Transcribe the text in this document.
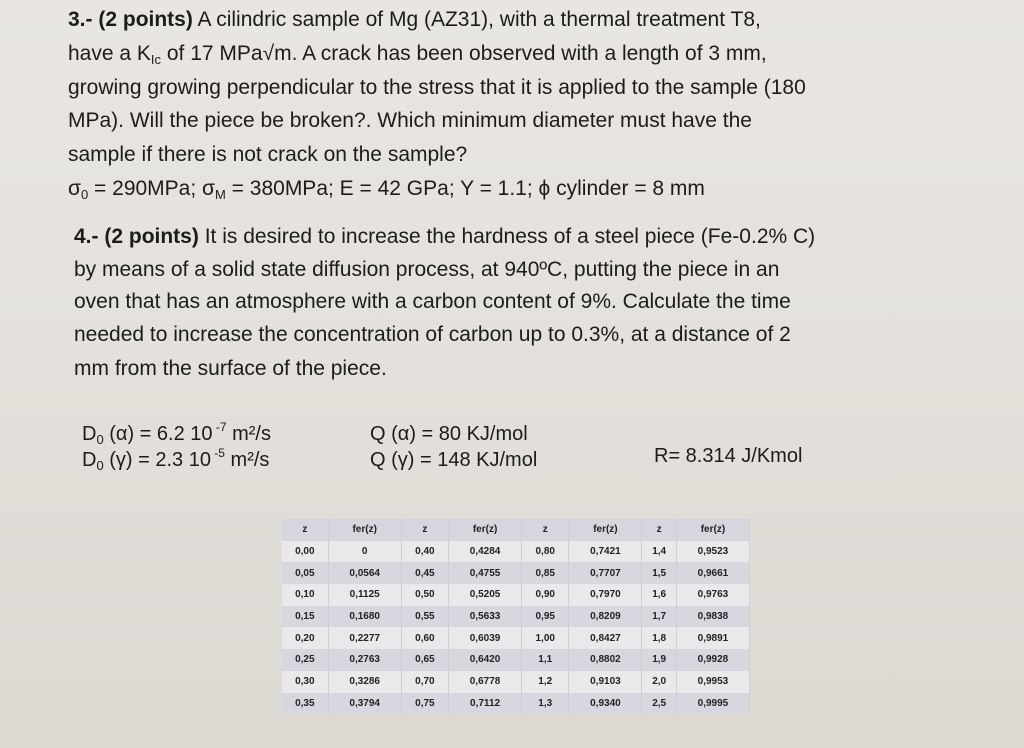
3.- (2 points) A cilindric sample of Mg (AZ31), with a thermal treatment T8,
have a KIc of 17 MPa√m. A crack has been observed with a length of 3 mm,
growing growing perpendicular to the stress that it is applied to the sample (180
MPa). Will the piece be broken?. Which minimum diameter must have the
sample if there is not crack on the sample?
σ0 = 290MPa; σM = 380MPa; E = 42 GPa; Y = 1.1; ϕ cylinder = 8 mm
4.- (2 points) It is desired to increase the hardness of a steel piece (Fe-0.2% C)
by means of a solid state diffusion process, at 940ºC, putting the piece in an
oven that has an atmosphere with a carbon content of 9%. Calculate the time
needed to increase the concentration of carbon up to 0.3%, at a distance of 2
mm from the surface of the piece.
$D_0$ (α) = 6.2 10 $^{-7}$ m²/s
$D_0$ (γ) = 2.3 10 $^{-5}$ m²/s
Q (α) = 80 KJ/mol
Q (γ) = 148 KJ/mol	R= 8.314 J/Kmol
z	fer(z)	z	fer(z)	z	fer(z)	z	fer(z)
0,00	0	0,40	0,4284	0,80	0,7421	1,4	0,9523
0,05	0,0564	0,45	0,4755	0,85	0,7707	1,5	0,9661
0,10	0,1125	0,50	0,5205	0,90	0,7970	1,6	0,9763
0,15	0,1680	0,55	0,5633	0,95	0,8209	1,7	0,9838
0,20	0,2277	0,60	0,6039	1,00	0,8427	1,8	0,9891
0,25	0,2763	0,65	0,6420	1,1	0,8802	1,9	0,9928
0,30	0,3286	0,70	0,6778	1,2	0,9103	2,0	0,9953
0,35	0,3794	0,75	0,7112	1,3	0,9340	2,5	0,9995
